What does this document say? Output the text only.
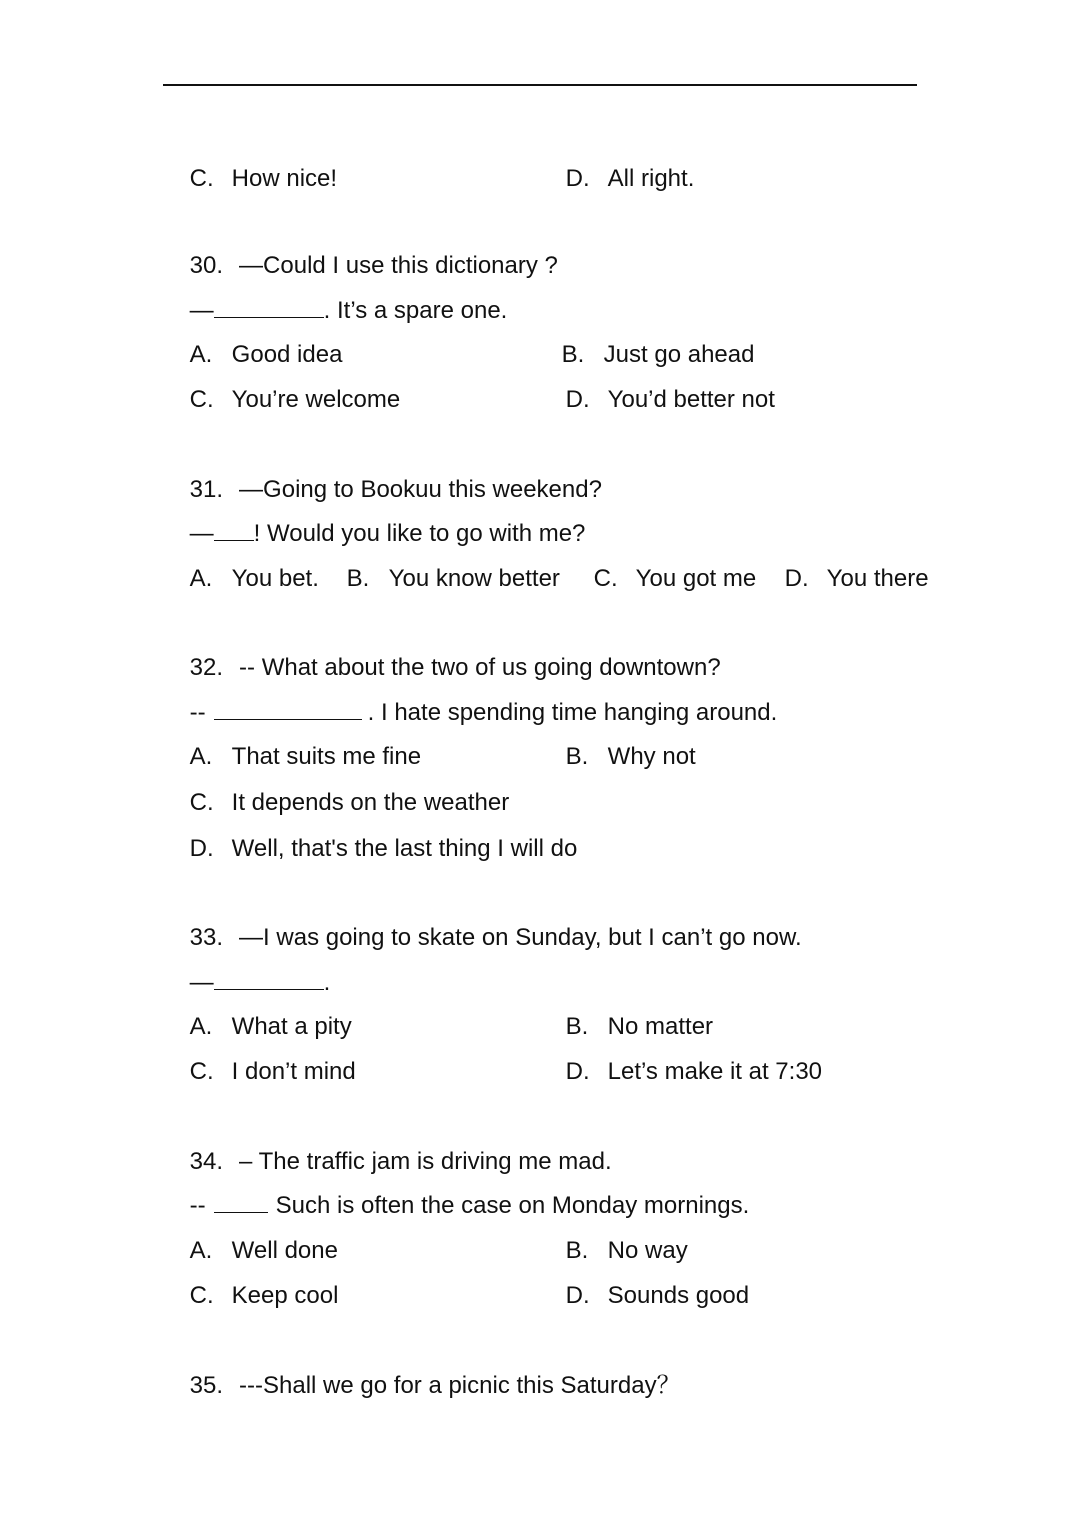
C. How nice!
	D. All right.

30. —Could I use this dictionary ?

—	. It’s a spare one.

A. Good idea
	B. Just go ahead

C. You’re welcome
	D. You’d better not

31. —Going to Bookuu this weekend?

— ! Would you like to go with me?

A. You bet.
	B. You know better
	C. You got me
	D. You there

32. -- What about the two of us going downtown?

--	. I hate spending time hanging around.

A. That suits me fine
	B. Why not

C. It depends on the weather

D. Well, that's the last thing I will do

33. —I was going to skate on Sunday, but I can’t go now.

—	.

A. What a pity
	B. No matter

C. I don’t mind
	D. Let’s make it at 7:30

34. – The traffic jam is driving me mad.

--	Such is often the case on Monday mornings.

A. Well done
	B. No way

C. Keep cool
	D. Sounds good

35. ---Shall we go for a picnic this Saturday？
